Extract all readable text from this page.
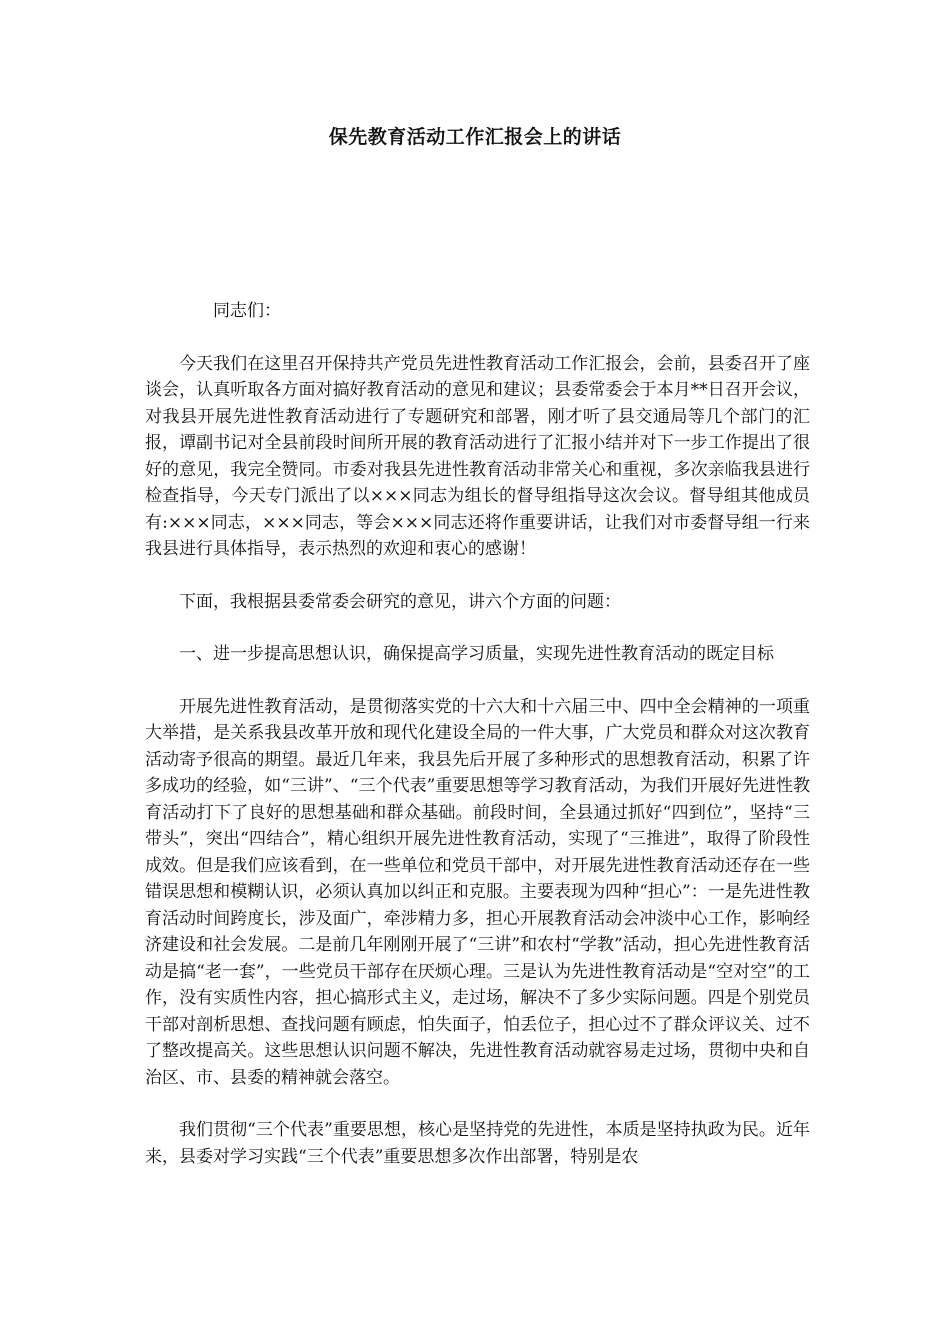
保先教育活动工作汇报会上的讲话

同志们：

今天我们在这里召开保持共产党员先进性教育活动工作汇报会，会前，县委召开了座谈会，认真听取各方面对搞好教育活动的意见和建议；县委常委会于本月**日召开会议，对我县开展先进性教育活动进行了专题研究和部署，刚才听了县交通局等几个部门的汇报，谭副书记对全县前段时间所开展的教育活动进行了汇报小结并对下一步工作提出了很好的意见，我完全赞同。市委对我县先进性教育活动非常关心和重视，多次亲临我县进行检查指导，今天专门派出了以×××同志为组长的督导组指导这次会议。督导组其他成员有:×××同志，×××同志，等会×××同志还将作重要讲话，让我们对市委督导组一行来我县进行具体指导，表示热烈的欢迎和衷心的感谢！

下面，我根据县委常委会研究的意见，讲六个方面的问题：

一、进一步提高思想认识，确保提高学习质量，实现先进性教育活动的既定目标

开展先进性教育活动，是贯彻落实党的十六大和十六届三中、四中全会精神的一项重大举措，是关系我县改革开放和现代化建设全局的一件大事，广大党员和群众对这次教育活动寄予很高的期望。最近几年来，我县先后开展了多种形式的思想教育活动，积累了许多成功的经验，如“三讲”、“三个代表”重要思想等学习教育活动，为我们开展好先进性教育活动打下了良好的思想基础和群众基础。前段时间，全县通过抓好“四到位”，坚持“三带头”，突出“四结合”，精心组织开展先进性教育活动，实现了“三推进”，取得了阶段性成效。但是我们应该看到，在一些单位和党员干部中，对开展先进性教育活动还存在一些错误思想和模糊认识，必须认真加以纠正和克服。主要表现为四种“担心”：一是先进性教育活动时间跨度长，涉及面广，牵涉精力多，担心开展教育活动会冲淡中心工作，影响经济建设和社会发展。二是前几年刚刚开展了“三讲”和农村“学教”活动，担心先进性教育活动是搞“老一套”，一些党员干部存在厌烦心理。三是认为先进性教育活动是“空对空”的工作，没有实质性内容，担心搞形式主义，走过场，解决不了多少实际问题。四是个别党员干部对剖析思想、查找问题有顾虑，怕失面子，怕丢位子，担心过不了群众评议关、过不了整改提高关。这些思想认识问题不解决，先进性教育活动就容易走过场，贯彻中央和自治区、市、县委的精神就会落空。

我们贯彻“三个代表”重要思想，核心是坚持党的先进性，本质是坚持执政为民。近年来，县委对学习实践“三个代表”重要思想多次作出部署，特别是农
